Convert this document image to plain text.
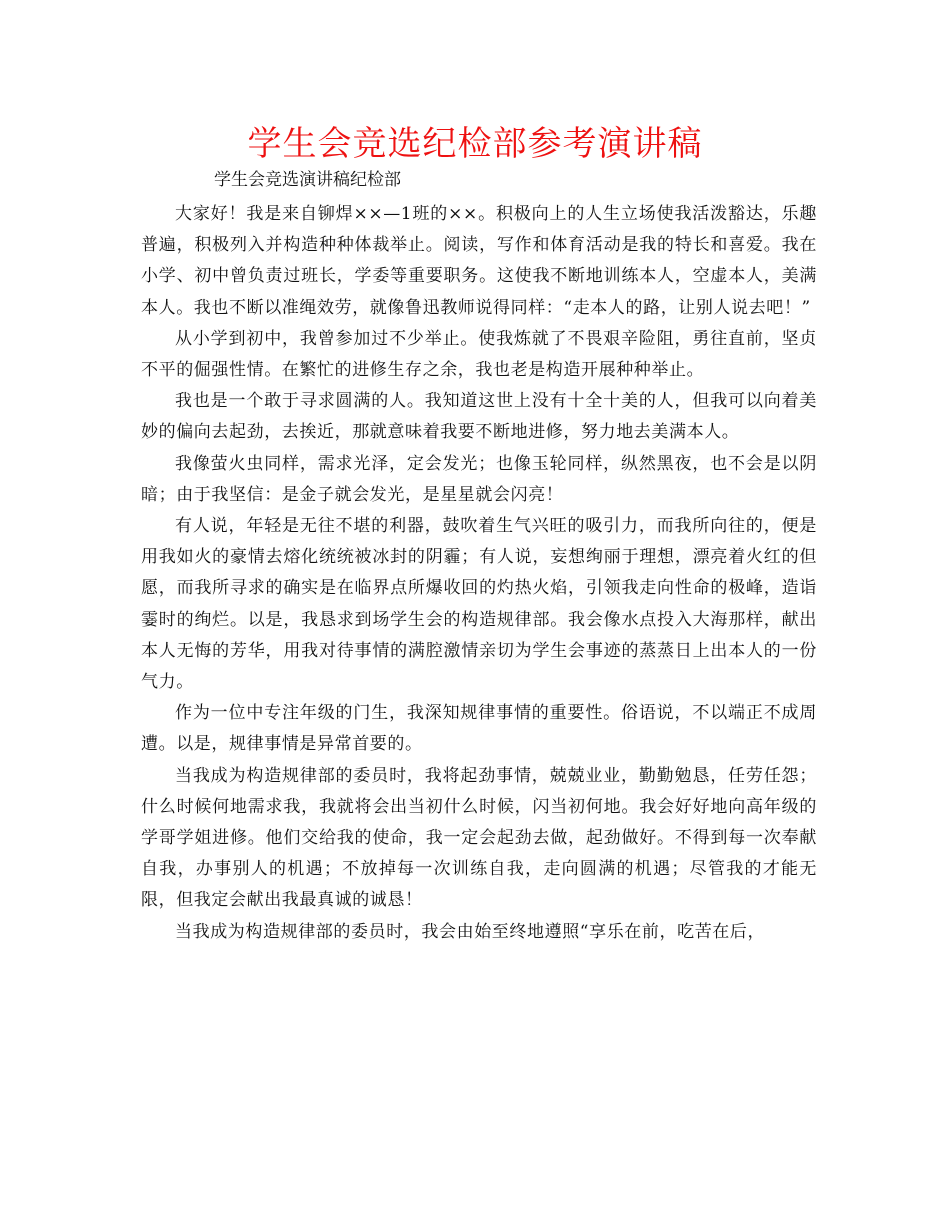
学生会竞选纪检部参考演讲稿
学生会竞选演讲稿纪检部

大家好！我是来自铆焊××—1班的××。积极向上的人生立场使我活泼豁达，乐趣普遍，积极列入并构造种种体裁举止。阅读，写作和体育活动是我的特长和喜爱。我在小学、初中曾负责过班长，学委等重要职务。这使我不断地训练本人，空虚本人，美满本人。我也不断以准绳效劳，就像鲁迅教师说得同样：“走本人的路，让别人说去吧！”

从小学到初中，我曾参加过不少举止。使我炼就了不畏艰辛险阻，勇往直前，坚贞不平的倔强性情。在繁忙的进修生存之余，我也老是构造开展种种举止。

我也是一个敢于寻求圆满的人。我知道这世上没有十全十美的人，但我可以向着美妙的偏向去起劲，去挨近，那就意味着我要不断地进修，努力地去美满本人。

我像萤火虫同样，需求光泽，定会发光；也像玉轮同样，纵然黑夜，也不会是以阴暗；由于我坚信：是金子就会发光，是星星就会闪亮！

有人说，年轻是无往不堪的利器，鼓吹着生气兴旺的吸引力，而我所向往的，便是用我如火的豪情去熔化统统被冰封的阴霾；有人说，妄想绚丽于理想，漂亮着火红的但愿，而我所寻求的确实是在临界点所爆收回的灼热火焰，引领我走向性命的极峰，造诣霎时的绚烂。以是，我恳求到场学生会的构造规律部。我会像水点投入大海那样，献出本人无悔的芳华，用我对待事情的满腔激情亲切为学生会事迹的蒸蒸日上出本人的一份气力。

作为一位中专注年级的门生，我深知规律事情的重要性。俗语说，不以端正不成周遭。以是，规律事情是异常首要的。

当我成为构造规律部的委员时，我将起劲事情，兢兢业业，勤勤勉恳，任劳任怨；什么时候何地需求我，我就将会出当初什么时候，闪当初何地。我会好好地向高年级的学哥学姐进修。他们交给我的使命，我一定会起劲去做，起劲做好。不得到每一次奉献自我，办事别人的机遇；不放掉每一次训练自我，走向圆满的机遇；尽管我的才能无限，但我定会献出我最真诚的诚恳！

当我成为构造规律部的委员时，我会由始至终地遵照“享乐在前，吃苦在后，
